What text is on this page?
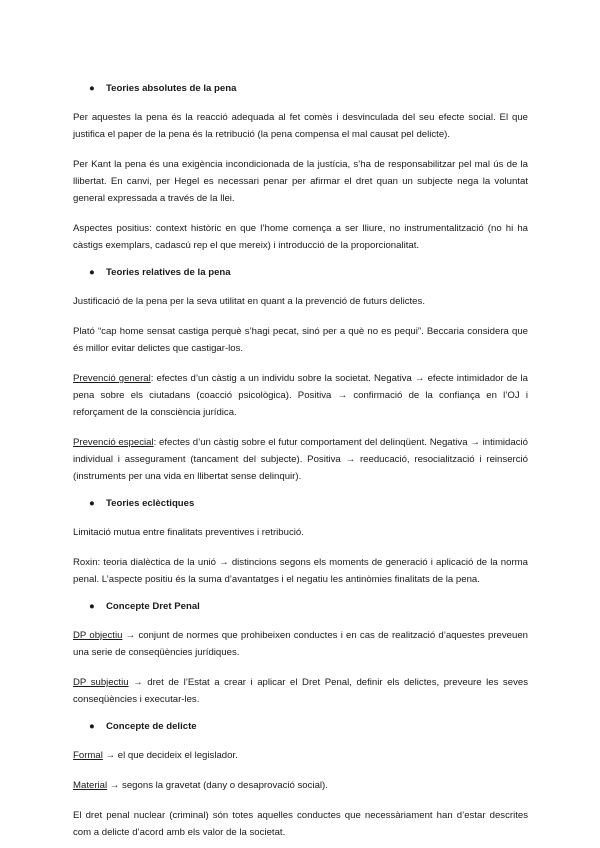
● Teories absolutes de la pena

Per aquestes la pena és la reacció adequada al fet comès i desvinculada del seu efecte social. El que justifica el paper de la pena és la retribució (la pena compensa el mal causat pel delicte).

Per Kant la pena és una exigència incondicionada de la justícia, s’ha de responsabilitzar pel mal ús de la llibertat. En canvi, per Hegel es necessari penar per afirmar el dret quan un subjecte nega la voluntat general expressada a través de la llei.

Aspectes positius: context històric en que l’home comença a ser lliure, no instrumentalització (no hi ha càstigs exemplars, cadascú rep el que mereix) i introducció de la proporcionalitat.

● Teories relatives de la pena

Justificació de la pena per la seva utilitat en quant a la prevenció de futurs delictes.

Plató “cap home sensat castiga perquè s’hagi pecat, sinó per a què no es pequi”. Beccaria considera que és millor evitar delictes que castigar-los.

Prevenció general: efectes d’un càstig a un individu sobre la societat. Negativa → efecte intimidador de la pena sobre els ciutadans (coacció psicològica). Positiva → confirmació de la confiança en l’OJ i reforçament de la consciència jurídica.

Prevenció especial: efectes d’un càstig sobre el futur comportament del delinqüent. Negativa → intimidació individual i assegurament (tancament del subjecte). Positiva → reeducació, resocialització i reinserció (instruments per una vida en llibertat sense delinquir).

● Teories eclèctiques

Limitació mutua entre finalitats preventives i retribució.

Roxin: teoria dialèctica de la unió → distincions segons els moments de generació i aplicació de la norma penal. L’aspecte positiu és la suma d’avantatges i el negatiu les antinòmies finalitats de la pena.

● Concepte Dret Penal

DP objectiu → conjunt de normes que prohibeixen conductes i en cas de realització d’aquestes preveuen una serie de conseqüències jurídiques.

DP subjectiu → dret de l’Estat a crear i aplicar el Dret Penal, definir els delictes, preveure les seves conseqüències i executar-les.

● Concepte de delicte

Formal → el que decideix el legislador.

Material → segons la gravetat (dany o desaprovació social).

El dret penal nuclear (criminal) són totes aquelles conductes que necessàriament han d’estar descrites com a delicte d’acord amb els valor de la societat.
